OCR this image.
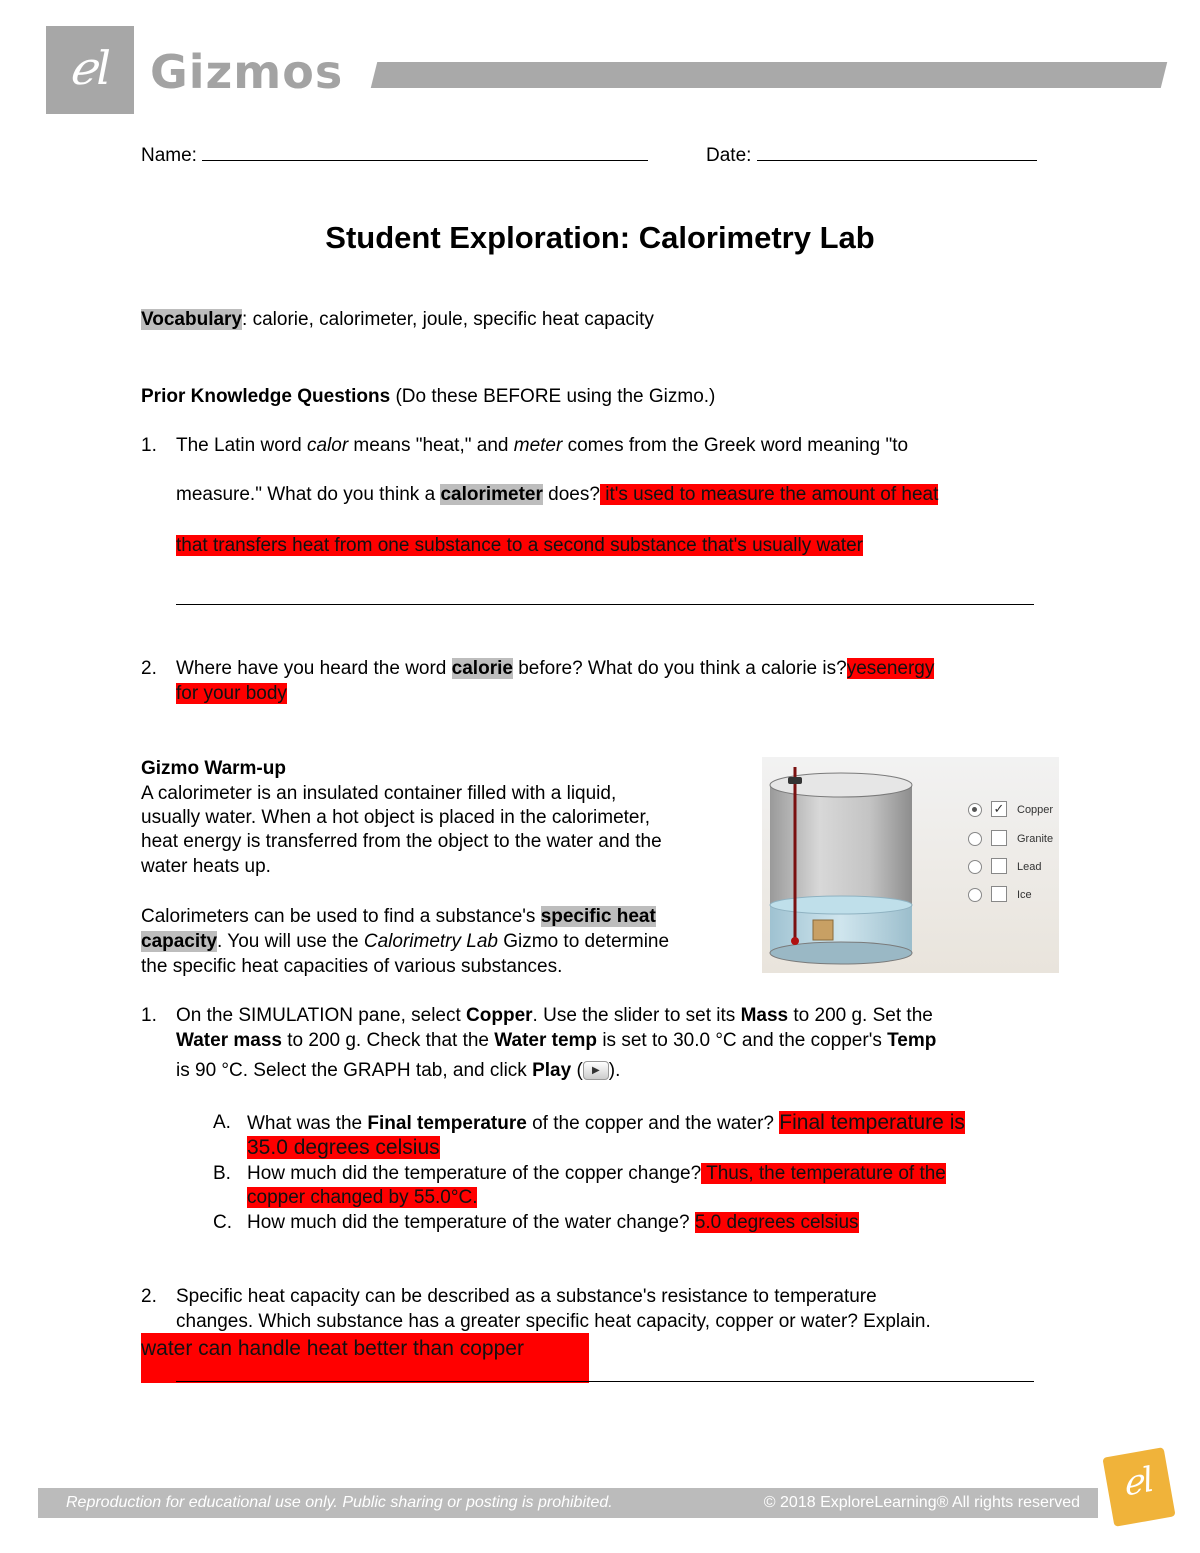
ℯl Gizmos
Name:	Date:
Student Exploration: Calorimetry Lab
Vocabulary: calorie, calorimeter, joule, specific heat capacity
Prior Knowledge Questions (Do these BEFORE using the Gizmo.)
1. The Latin word calor means "heat," and meter comes from the Greek word meaning "to
measure." What do you think a calorimeter does? it's used to measure the amount of heat
that transfers heat from one substance to a second substance that's usually water
2. Where have you heard the word calorie before? What do you think a calorie is?yesenergy
for your body
Gizmo Warm-up
A calorimeter is an insulated container filled with a liquid,
usually water. When a hot object is placed in the calorimeter,
heat energy is transferred from the object to the water and the
water heats up.
Calorimeters can be used to find a substance's specific heat
capacity. You will use the Calorimetry Lab Gizmo to determine
the specific heat capacities of various substances.
✓ Copper
Granite
Lead
Ice
1. On the SIMULATION pane, select Copper. Use the slider to set its Mass to 200 g. Set the
Water mass to 200 g. Check that the Water temp is set to 30.0 °C and the copper's Temp
is 90 °C. Select the GRAPH tab, and click Play ( ▶ ).
A. What was the Final temperature of the copper and the water? Final temperature is
35.0 degrees celsius
B. How much did the temperature of the copper change? Thus, the temperature of the
copper changed by 55.0°C.
C. How much did the temperature of the water change? 5.0 degrees celsius
2. Specific heat capacity can be described as a substance's resistance to temperature
changes. Which substance has a greater specific heat capacity, copper or water? Explain.
water can handle heat better than copper
Reproduction for educational use only. Public sharing or posting is prohibited.	© 2018 ExploreLearning® All rights reserved	ℯl
